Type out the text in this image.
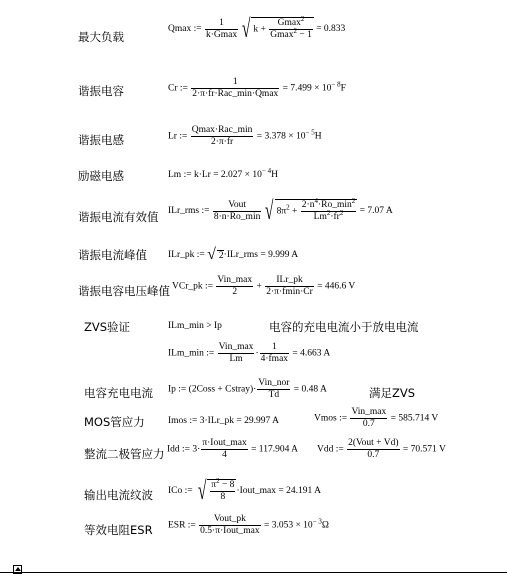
最大负载
Qmax :=
1
k·Gmax √ k +
Gmax$^2$
Gmax$^2$ − 1
= 0.833
谐振电容	Cr :=
1
2·π·fr·Rac_min·Qmax
= $7.499 \times 10^{- 8}F$
谐振电感	Lr :=
Qmax·Rac_min
2·π·fr
= $3.378 \times 10^{- 5}H$
励磁电感	Lm := $k\cdot Lr = 2.027 \times 10^{- 4}H$
谐振电流有效值 ILr_rms :=
Vout
8·n·Ro_min √ $8\pi^2$ +
$2\cdot n^4\cdot Ro\_\min^2$
$Lm^2\cdot fr^2$	= 7.07 A
谐振电流峰值 ILr_pk := √ 2·ILr_rms = 9.999 A
谐振电容电压峰值 VCr_pk :=
Vin_max
2
+
ILr_pk
2·π·fmin·Cr
= 446.6 V
ZVS验证	ILm_min > Ip	电容的充电电流小于放电电流
ILm_min :=
Vin_max
Lm
·
1
4·fmax
= 4.663 A
电容充电电流 Ip := (2Coss + Cstray)·
Vin_nor
Td
= 0.48 A	满足ZVS
MOS管应力 Imos := 3·ILr_pk = 29.997 A	Vmos :=
Vin_max
0.7
= 585.714 V
整流二极管应力 Idd := 3·
π·Iout_max
4
= 117.904 A Vdd :=
2(Vout + Vd)
0.7
= 70.571 V
输出电流纹波 ICo := √ $\frac{\pi^2 - 8}{8}$ ·Iout_max = 24.191 A
等效电阻ESR ESR :=
Vout_pk
0.5·π·Iout_max
= $3.053 \times 10^{- 3}\Omega$
